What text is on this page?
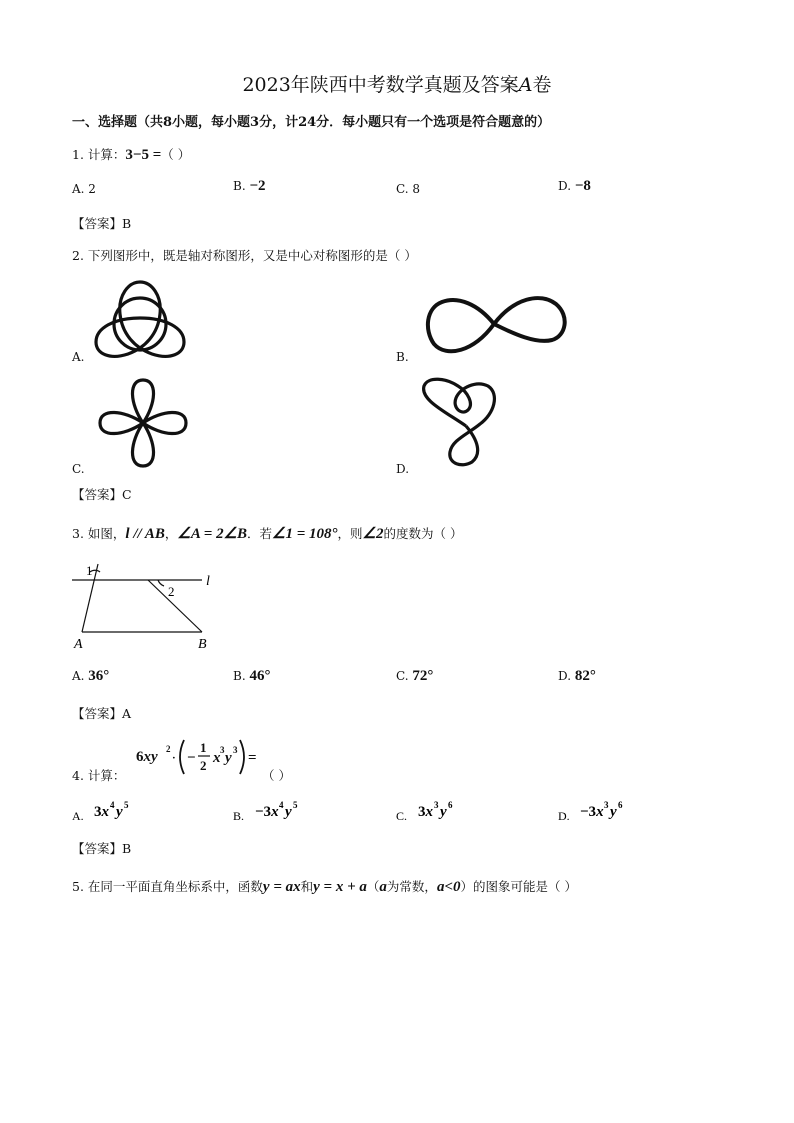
2023年陕西中考数学真题及答案A卷
一、选择题（共8小题，每小题3分，计24分．每小题只有一个选项是符合题意的）
1. 计算：3−5 =（ ）
A. 2	B. −2	C. 8	D. −8
【答案】B
2. 下列图形中，既是轴对称图形，又是中心对称图形的是（ ）
A.	B.
C.	D.
【答案】C
3. 如图，l // AB，∠A = 2∠B．若∠1 = 108°，则∠2的度数为（ ）
l
A	B
1
2
A. 36°	B. 46°	C. 72°	D. 82°
【答案】A
4. 计算：
6xy 2
· −
1
2 x 3 y 3 =
（ ）
A. 3x 4 y 5
B. −3x 4 y 5
C. 3x 3 y 6
D. −3x 3 y 6
【答案】B
5. 在同一平面直角坐标系中，函数y = ax和y = x + a（a为常数，a<0）的图象可能是（ ）
